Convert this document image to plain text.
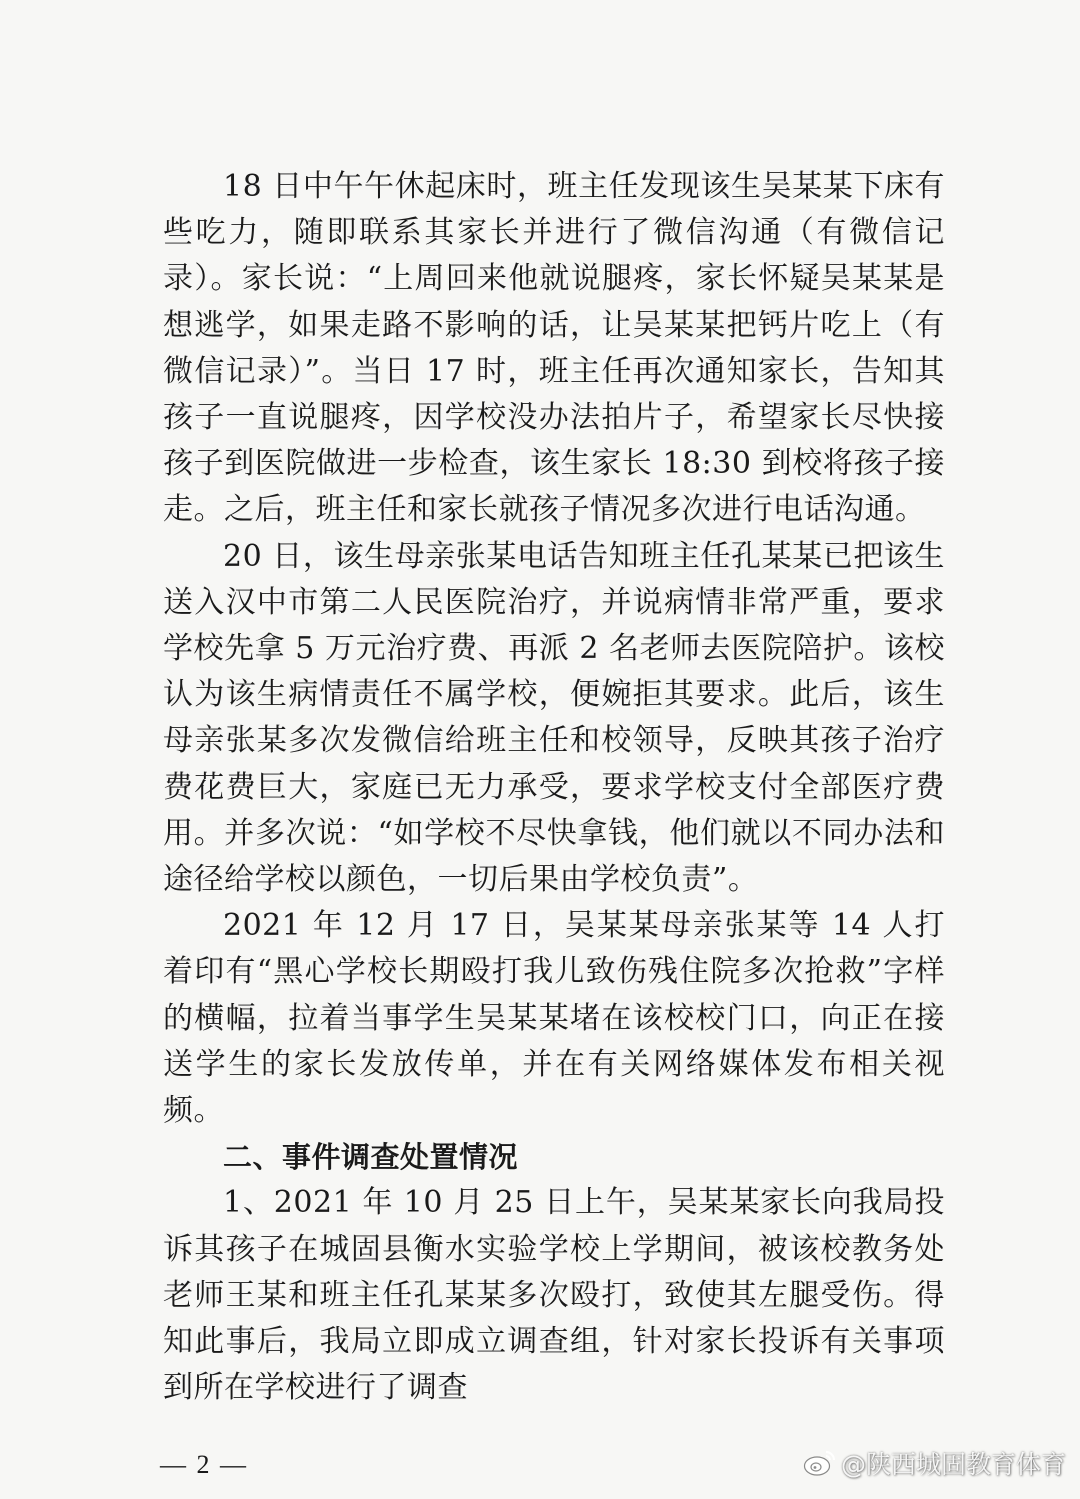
18 日中午午休起床时，班主任发现该生吴某某下床有些吃力，随即联系其家长并进行了微信沟通（有微信记录）。家长说：“上周回来他就说腿疼，家长怀疑吴某某是想逃学，如果走路不影响的话，让吴某某把钙片吃上（有微信记录）”。当日 17 时，班主任再次通知家长，告知其孩子一直说腿疼，因学校没办法拍片子，希望家长尽快接孩子到医院做进一步检查，该生家长 18:30 到校将孩子接走。之后，班主任和家长就孩子情况多次进行电话沟通。

20 日，该生母亲张某电话告知班主任孔某某已把该生送入汉中市第二人民医院治疗，并说病情非常严重，要求学校先拿 5 万元治疗费、再派 2 名老师去医院陪护。该校认为该生病情责任不属学校，便婉拒其要求。此后，该生母亲张某多次发微信给班主任和校领导，反映其孩子治疗费花费巨大，家庭已无力承受，要求学校支付全部医疗费用。并多次说：“如学校不尽快拿钱，他们就以不同办法和途径给学校以颜色，一切后果由学校负责”。

2021 年 12 月 17 日，吴某某母亲张某等 14 人打着印有“黑心学校长期殴打我儿致伤残住院多次抢救”字样的横幅，拉着当事学生吴某某堵在该校校门口，向正在接送学生的家长发放传单，并在有关网络媒体发布相关视频。

二、事件调查处置情况

1、2021 年 10 月 25 日上午，吴某某家长向我局投诉其孩子在城固县衡水实验学校上学期间，被该校教务处老师王某和班主任孔某某多次殴打，致使其左腿受伤。得知此事后，我局立即成立调查组，针对家长投诉有关事项到所在学校进行了调查

— 2 —	@陕西城固教育体育
